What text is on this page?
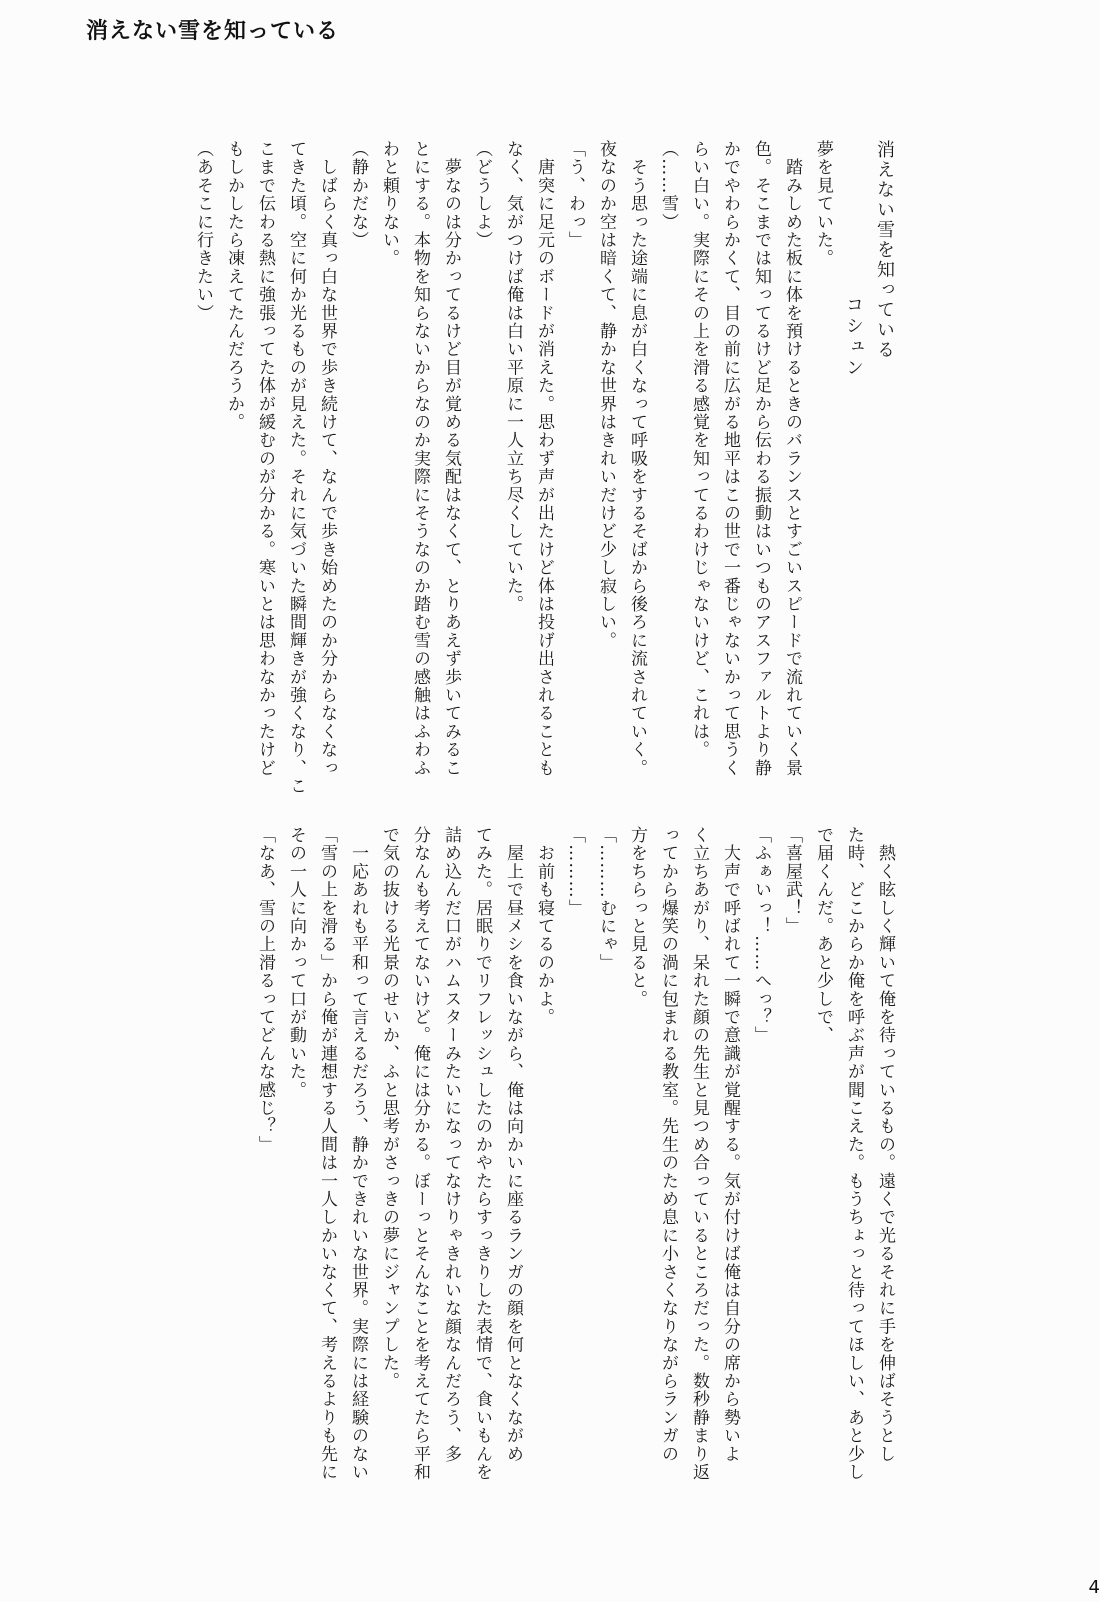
消えない雪を知っている

消えない雪を知っている
コシュン

夢を見ていた。

　踏みしめた板に体を預けるときのバランスとすごいスピードで流れていく景

色。そこまでは知ってるけど足から伝わる振動はいつものアスファルトより静

かでやわらかくて、目の前に広がる地平はこの世で一番じゃないかって思うく

らい白い。実際にその上を滑る感覚を知ってるわけじゃないけど、これは。

（……雪）

　そう思った途端に息が白くなって呼吸をするそばから後ろに流されていく。

夜なのか空は暗くて、静かな世界はきれいだけど少し寂しい。

「う、わっ」

　唐突に足元のボードが消えた。思わず声が出たけど体は投げ出されることも

なく、気がつけば俺は白い平原に一人立ち尽くしていた。

（どうしよ）

　夢なのは分かってるけど目が覚める気配はなくて、とりあえず歩いてみるこ

とにする。本物を知らないからなのか実際にそうなのか踏む雪の感触はふわふ

わと頼りない。

（静かだな）

　しばらく真っ白な世界で歩き続けて、なんで歩き始めたのか分からなくなっ

てきた頃。空に何か光るものが見えた。それに気づいた瞬間輝きが強くなり、こ

こまで伝わる熱に強張ってた体が緩むのが分かる。寒いとは思わなかったけど

もしかしたら凍えてたんだろうか。

（あそこに行きたい）

　熱く眩しく輝いて俺を待っているもの。遠くで光るそれに手を伸ばそうとし

た時、どこからか俺を呼ぶ声が聞こえた。もうちょっと待ってほしい、あと少し

で届くんだ。あと少しで、

「喜屋武！」

「ふぁいっ！……へっ？」

　大声で呼ばれて一瞬で意識が覚醒する。気が付けば俺は自分の席から勢いよ

く立ちあがり、呆れた顔の先生と見つめ合っているところだった。数秒静まり返

ってから爆笑の渦に包まれる教室。先生のため息に小さくなりながらランガの

方をちらっと見ると。

「………むにゃ」

「………」

　お前も寝てるのかよ。

　屋上で昼メシを食いながら、俺は向かいに座るランガの顔を何となくながめ

てみた。居眠りでリフレッシュしたのかやたらすっきりした表情で、食いもんを

詰め込んだ口がハムスターみたいになってなけりゃきれいな顔なんだろう、多

分なんも考えてないけど。俺には分かる。ぼーっとそんなことを考えてたら平和

で気の抜ける光景のせいか、ふと思考がさっきの夢にジャンプした。

　一応あれも平和って言えるだろう、静かできれいな世界。実際には経験のない

「雪の上を滑る」から俺が連想する人間は一人しかいなくて、考えるよりも先に

その一人に向かって口が動いた。

「なあ、雪の上滑るってどんな感じ？」

4
